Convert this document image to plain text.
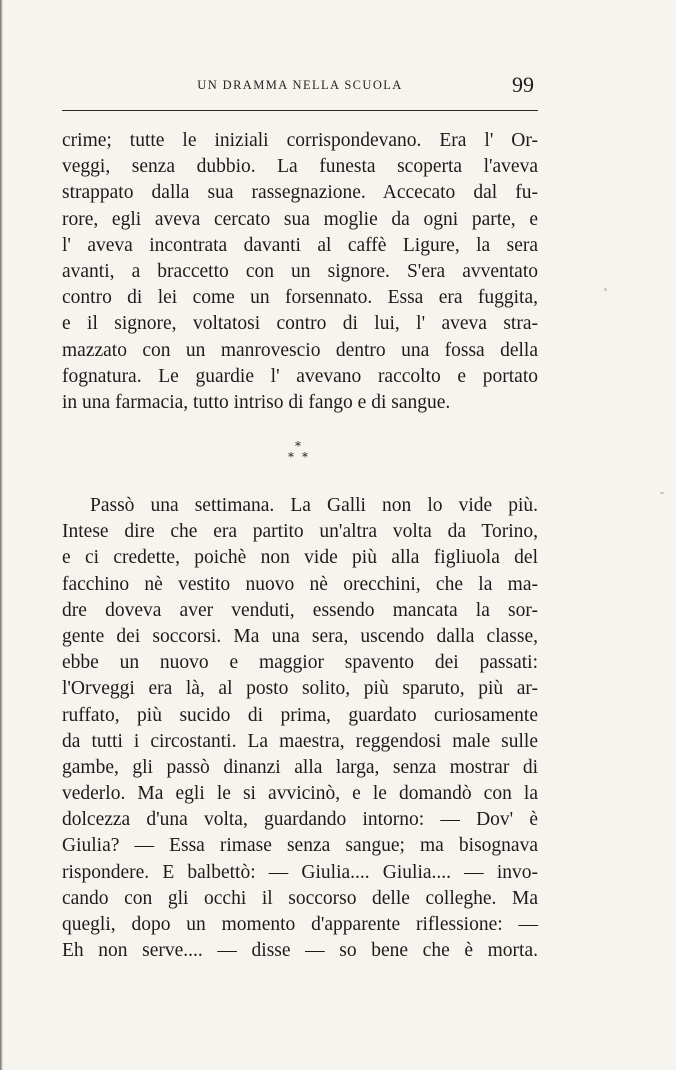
UN DRAMMA NELLA SCUOLA	99
crime; tutte le iniziali corrispondevano. Era l' Or-
veggi, senza dubbio. La funesta scoperta l'aveva
strappato dalla sua rassegnazione. Accecato dal fu-
rore, egli aveva cercato sua moglie da ogni parte, e
l' aveva incontrata davanti al caffè Ligure, la sera
avanti, a braccetto con un signore. S'era avventato
contro di lei come un forsennato. Essa era fuggita,
e il signore, voltatosi contro di lui, l' aveva stra-
mazzato con un manrovescio dentro una fossa della
fognatura. Le guardie l' avevano raccolto e portato
in una farmacia, tutto intriso di fango e di sangue.
*
* *
Passò una settimana. La Galli non lo vide più.
Intese dire che era partito un'altra volta da Torino,
e ci credette, poichè non vide più alla figliuola del
facchino nè vestito nuovo nè orecchini, che la ma-
dre doveva aver venduti, essendo mancata la sor-
gente dei soccorsi. Ma una sera, uscendo dalla classe,
ebbe un nuovo e maggior spavento dei passati:
l'Orveggi era là, al posto solito, più sparuto, più ar-
ruffato, più sucido di prima, guardato curiosamente
da tutti i circostanti. La maestra, reggendosi male sulle
gambe, gli passò dinanzi alla larga, senza mostrar di
vederlo. Ma egli le si avvicinò, e le domandò con la
dolcezza d'una volta, guardando intorno: — Dov' è
Giulia? — Essa rimase senza sangue; ma bisognava
rispondere. E balbettò: — Giulia.... Giulia.... — invo-
cando con gli occhi il soccorso delle colleghe. Ma
quegli, dopo un momento d'apparente riflessione: —
Eh non serve.... — disse — so bene che è morta.
